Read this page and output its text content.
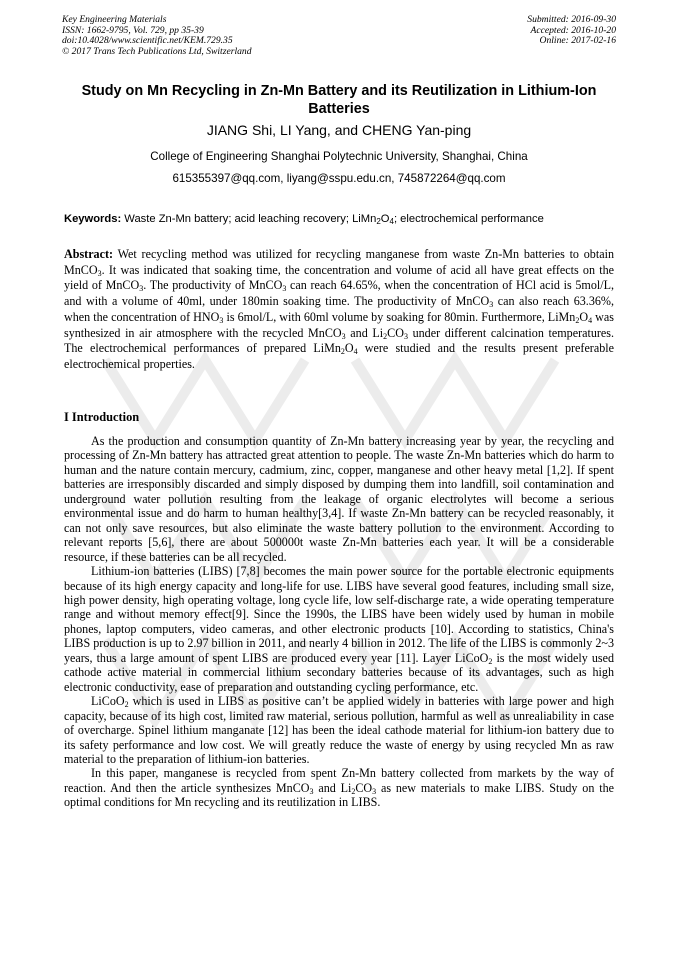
Key Engineering Materials
ISSN: 1662-9795, Vol. 729, pp 35-39
doi:10.4028/www.scientific.net/KEM.729.35
© 2017 Trans Tech Publications Ltd, Switzerland
Submitted: 2016-09-30
Accepted: 2016-10-20
Online: 2017-02-16
Study on Mn Recycling in Zn-Mn Battery and its Reutilization in Lithium-Ion Batteries
JIANG Shi, LI Yang, and CHENG Yan-ping
College of Engineering Shanghai Polytechnic University, Shanghai, China
615355397@qq.com, liyang@sspu.edu.cn, 745872264@qq.com
Keywords: Waste Zn-Mn battery; acid leaching recovery; $LiMn_2O_4$; electrochemical performance
Abstract: Wet recycling method was utilized for recycling manganese from waste Zn-Mn batteries to obtain MnCO$_3$. It was indicated that soaking time, the concentration and volume of acid all have great effects on the yield of MnCO$_3$. The productivity of MnCO$_3$ can reach 64.65%, when the concentration of HCl acid is 5mol/L, and with a volume of 40ml, under 180min soaking time. The productivity of MnCO$_3$ can also reach 63.36%, when the concentration of $HNO_3$ is 6mol/L, with 60ml volume by soaking for 80min. Furthermore, $LiMn_2O_4$ was synthesized in air atmosphere with the recycled MnCO$_3$ and $Li_2CO_3$ under different calcination temperatures. The electrochemical performances of prepared $LiMn_2O_4$ were studied and the results present preferable electrochemical properties.
I Introduction

As the production and consumption quantity of Zn-Mn battery increasing year by year, the recycling and processing of Zn-Mn battery has attracted great attention to people. The waste Zn-Mn batteries which do harm to human and the nature contain mercury, cadmium, zinc, copper, manganese and other heavy metal [1,2]. If spent batteries are irresponsibly discarded and simply disposed by dumping them into landfill, soil contamination and underground water pollution resulting from the leakage of organic electrolytes will become a serious environmental issue and do harm to human healthy[3,4]. If waste Zn-Mn battery can be recycled reasonably, it can not only save resources, but also eliminate the waste battery pollution to the environment. According to relevant reports [5,6], there are about 500000t waste Zn-Mn batteries each year. It will be a considerable resource, if these batteries can be all recycled.

Lithium-ion batteries (LIBS) [7,8] becomes the main power source for the portable electronic equipments because of its high energy capacity and long-life for use. LIBS have several good features, including small size, high power density, high operating voltage, long cycle life, low self-discharge rate, a wide operating temperature range and without memory effect[9]. Since the 1990s, the LIBS have been widely used by human in mobile phones, laptop computers, video cameras, and other electronic products [10]. According to statistics, China's LIBS production is up to 2.97 billion in 2011, and nearly 4 billion in 2012. The life of the LIBS is commonly 2~3 years, thus a large amount of spent LIBS are produced every year [11]. Layer LiCoO$_2$ is the most widely used cathode active material in commercial lithium secondary batteries because of its advantages, such as high electronic conductivity, ease of preparation and outstanding cycling performance, etc.

LiCoO$_2$ which is used in LIBS as positive can’t be applied widely in batteries with large power and high capacity, because of its high cost, limited raw material, serious pollution, harmful as well as unrealiability in case of overcharge. Spinel lithium manganate [12] has been the ideal cathode material for lithium-ion battery due to its safety performance and low cost. We will greatly reduce the waste of energy by using recycled Mn as raw material to the preparation of lithium-ion batteries.

In this paper, manganese is recycled from spent Zn-Mn battery collected from markets by the way of reaction. And then the article synthesizes MnCO$_3$ and $Li_2CO_3$ as new materials to make LIBS. Study on the optimal conditions for Mn recycling and its reutilization in LIBS.
